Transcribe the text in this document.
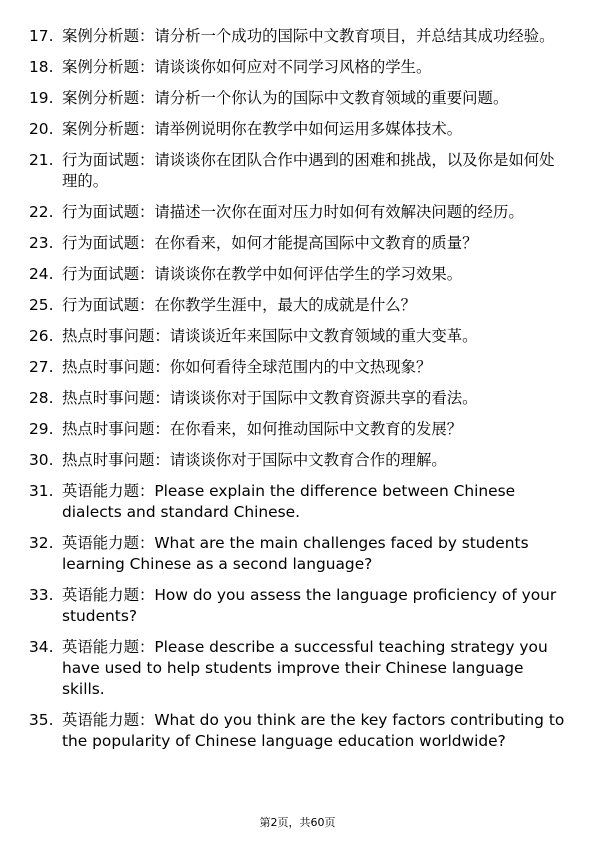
17. 案例分析题：请分析一个成功的国际中文教育项目，并总结其成功经验。
18. 案例分析题：请谈谈你如何应对不同学习风格的学生。
19. 案例分析题：请分析一个你认为的国际中文教育领域的重要问题。
20. 案例分析题：请举例说明你在教学中如何运用多媒体技术。
21. 行为面试题：请谈谈你在团队合作中遇到的困难和挑战，以及你是如何处理的。
22. 行为面试题：请描述一次你在面对压力时如何有效解决问题的经历。
23. 行为面试题：在你看来，如何才能提高国际中文教育的质量？
24. 行为面试题：请谈谈你在教学中如何评估学生的学习效果。
25. 行为面试题：在你教学生涯中，最大的成就是什么？
26. 热点时事问题：请谈谈近年来国际中文教育领域的重大变革。
27. 热点时事问题：你如何看待全球范围内的中文热现象？
28. 热点时事问题：请谈谈你对于国际中文教育资源共享的看法。
29. 热点时事问题：在你看来，如何推动国际中文教育的发展？
30. 热点时事问题：请谈谈你对于国际中文教育合作的理解。
31. 英语能力题：Please explain the difference between Chinese dialects and standard Chinese.
32. 英语能力题：What are the main challenges faced by students learning Chinese as a second language?
33. 英语能力题：How do you assess the language proficiency of your students?
34. 英语能力题：Please describe a successful teaching strategy you have used to help students improve their Chinese language skills.
35. 英语能力题：What do you think are the key factors contributing to the popularity of Chinese language education worldwide?
第2页，共60页
